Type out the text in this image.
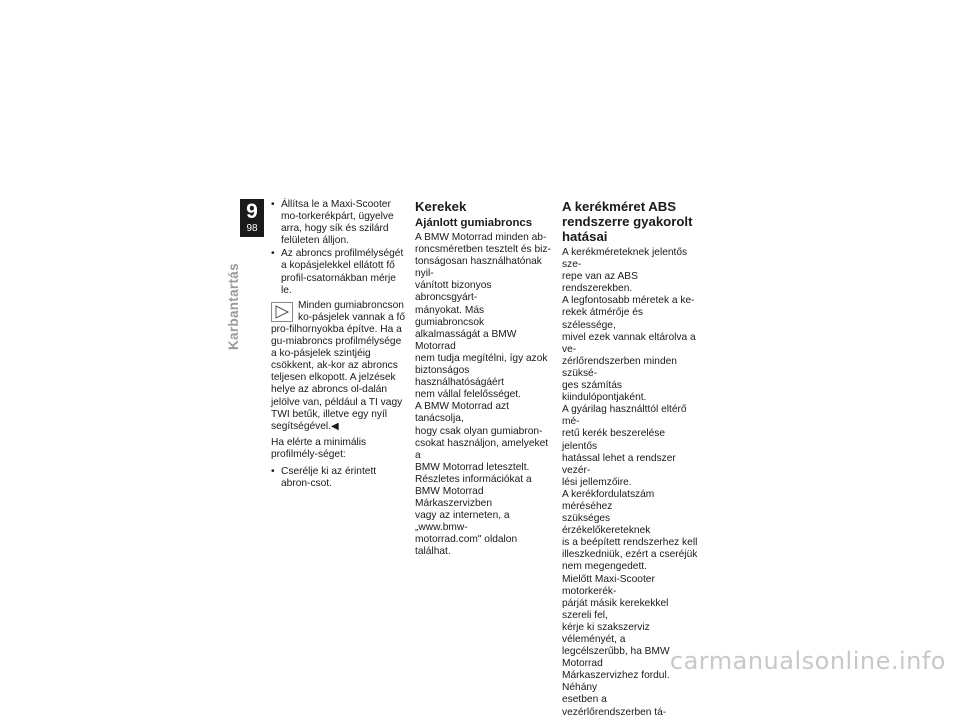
9
98
Karbantartás
• Állítsa le a Maxi-Scooter mo-torkerékpárt, ügyelve arra, hogy sík és szilárd felületen álljon.
• Az abroncs profilmélységét a kopásjelekkel ellátott fő profil-csatornákban mérje le.
Minden gumiabroncson ko-pásjelek vannak a fő pro-filhornyokba építve. Ha a gu-miabroncs profilmélysége a ko-pásjelek szintjéig csökkent, ak-kor az abroncs teljesen elkopott. A jelzések helye az abroncs ol-dalán jelölve van, például a TI vagy TWI betűk, illetve egy nyíl segítségével.◀

Ha elérte a minimális profilmély-séget:

• Cserélje ki az érintett abron-csot.
Kerekek
Ajánlott gumiabroncs
A BMW Motorrad minden ab-
roncsméretben tesztelt és biz-
tonságosan használhatónak nyil-
vánított bizonyos abroncsgyárt-
mányokat. Más gumiabroncsok
alkalmasságát a BMW Motorrad
nem tudja megítélni, így azok
biztonságos használhatóságáért
nem vállal felelősséget.
A BMW Motorrad azt tanácsolja,
hogy csak olyan gumiabron-
csokat használjon, amelyeket a
BMW Motorrad letesztelt.
Részletes információkat a
BMW Motorrad Márkaszervizben
vagy az interneten, a „www.bmw-
motorrad.com" oldalon találhat.
A kerékméret ABS
rendszerre gyakorolt
hatásai
A kerékméreteknek jelentős sze-
repe van az ABS rendszerekben.
A legfontosabb méretek a ke-
rekek átmérője és szélessége,
mivel ezek vannak eltárolva a ve-
zérlőrendszerben minden szüksé-
ges számítás kiindulópontjaként.
A gyárilag használttól eltérő mé-
retű kerék beszerelése jelentős
hatással lehet a rendszer vezér-
lési jellemzőire.
A kerékfordulatszám méréséhez
szükséges érzékelőkereteknek
is a beépített rendszerhez kell
illeszkedniük, ezért a cseréjük
nem megengedett.
Mielőtt Maxi-Scooter motorkerék-
párját másik kerekekkel szereli fel,
kérje ki szakszerviz véleményét, a
legcélszerűbb, ha BMW Motorrad
Márkaszervizhez fordul. Néhány
esetben a vezérlőrendszerben tá-
carmanualsonline.info
